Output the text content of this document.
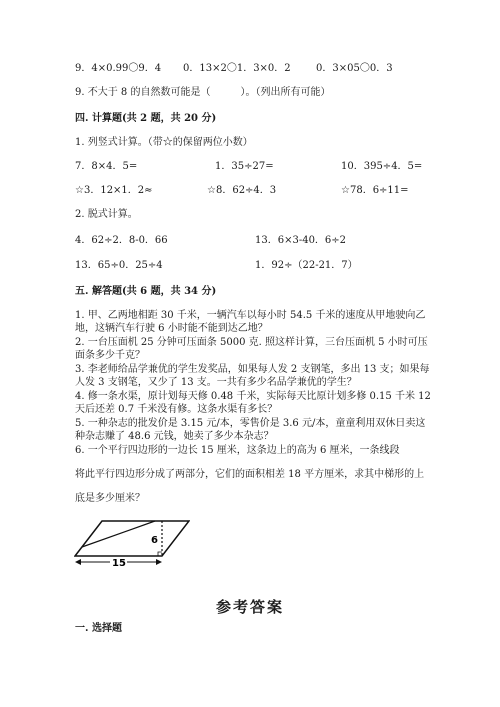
9．4×0.99〇9．4 0．13×2〇1．3×0．2	0．3×05〇0．3
9. 不大于 8 的自然数可能是（　　　）。（列出所有可能）
四. 计算题(共 2 题，共 20 分)
1. 列竖式计算。（带☆的保留两位小数）
7．8×4．5=	1．35÷27=	10．395÷4．5=
☆3．12×1．2≈	☆8．62÷4．3	☆78．6÷11=
2. 脱式计算。
4．62÷2．8-0．66	13．6×3-40．6÷2
13．65÷0．25÷4	1．92÷（22-21．7）
五. 解答题(共 6 题，共 34 分)
1. 甲、乙两地相距 30 千米，一辆汽车以每小时 54.5 千米的速度从甲地驶向乙
地，这辆汽车行驶 6 小时能不能到达乙地？
2. 一台压面机 25 分钟可压面条 5000 克. 照这样计算，三台压面机 5 小时可压
面条多少千克？
3. 李老师给品学兼优的学生发奖品，如果每人发 2 支钢笔，多出 13 支；如果每
人发 3 支钢笔，又少了 13 支。一共有多少名品学兼优的学生？
4. 修一条水渠，原计划每天修 0.48 千米，实际每天比原计划多修 0.15 千米 12
天后还差 0.7 千米没有修。这条水渠有多长？
5. 一种杂志的批发价是 3.15 元/本，零售价是 3.6 元/本，童童利用双休日卖这
种杂志赚了 48.6 元钱，她卖了多少本杂志？
6. 一个平行四边形的一边长 15 厘米，这条边上的高为 6 厘米，一条线段
将此平行四边形分成了两部分，它们的面积相差 18 平方厘米，求其中梯形的上
底是多少厘米？
6
15
参考答案
一. 选择题
